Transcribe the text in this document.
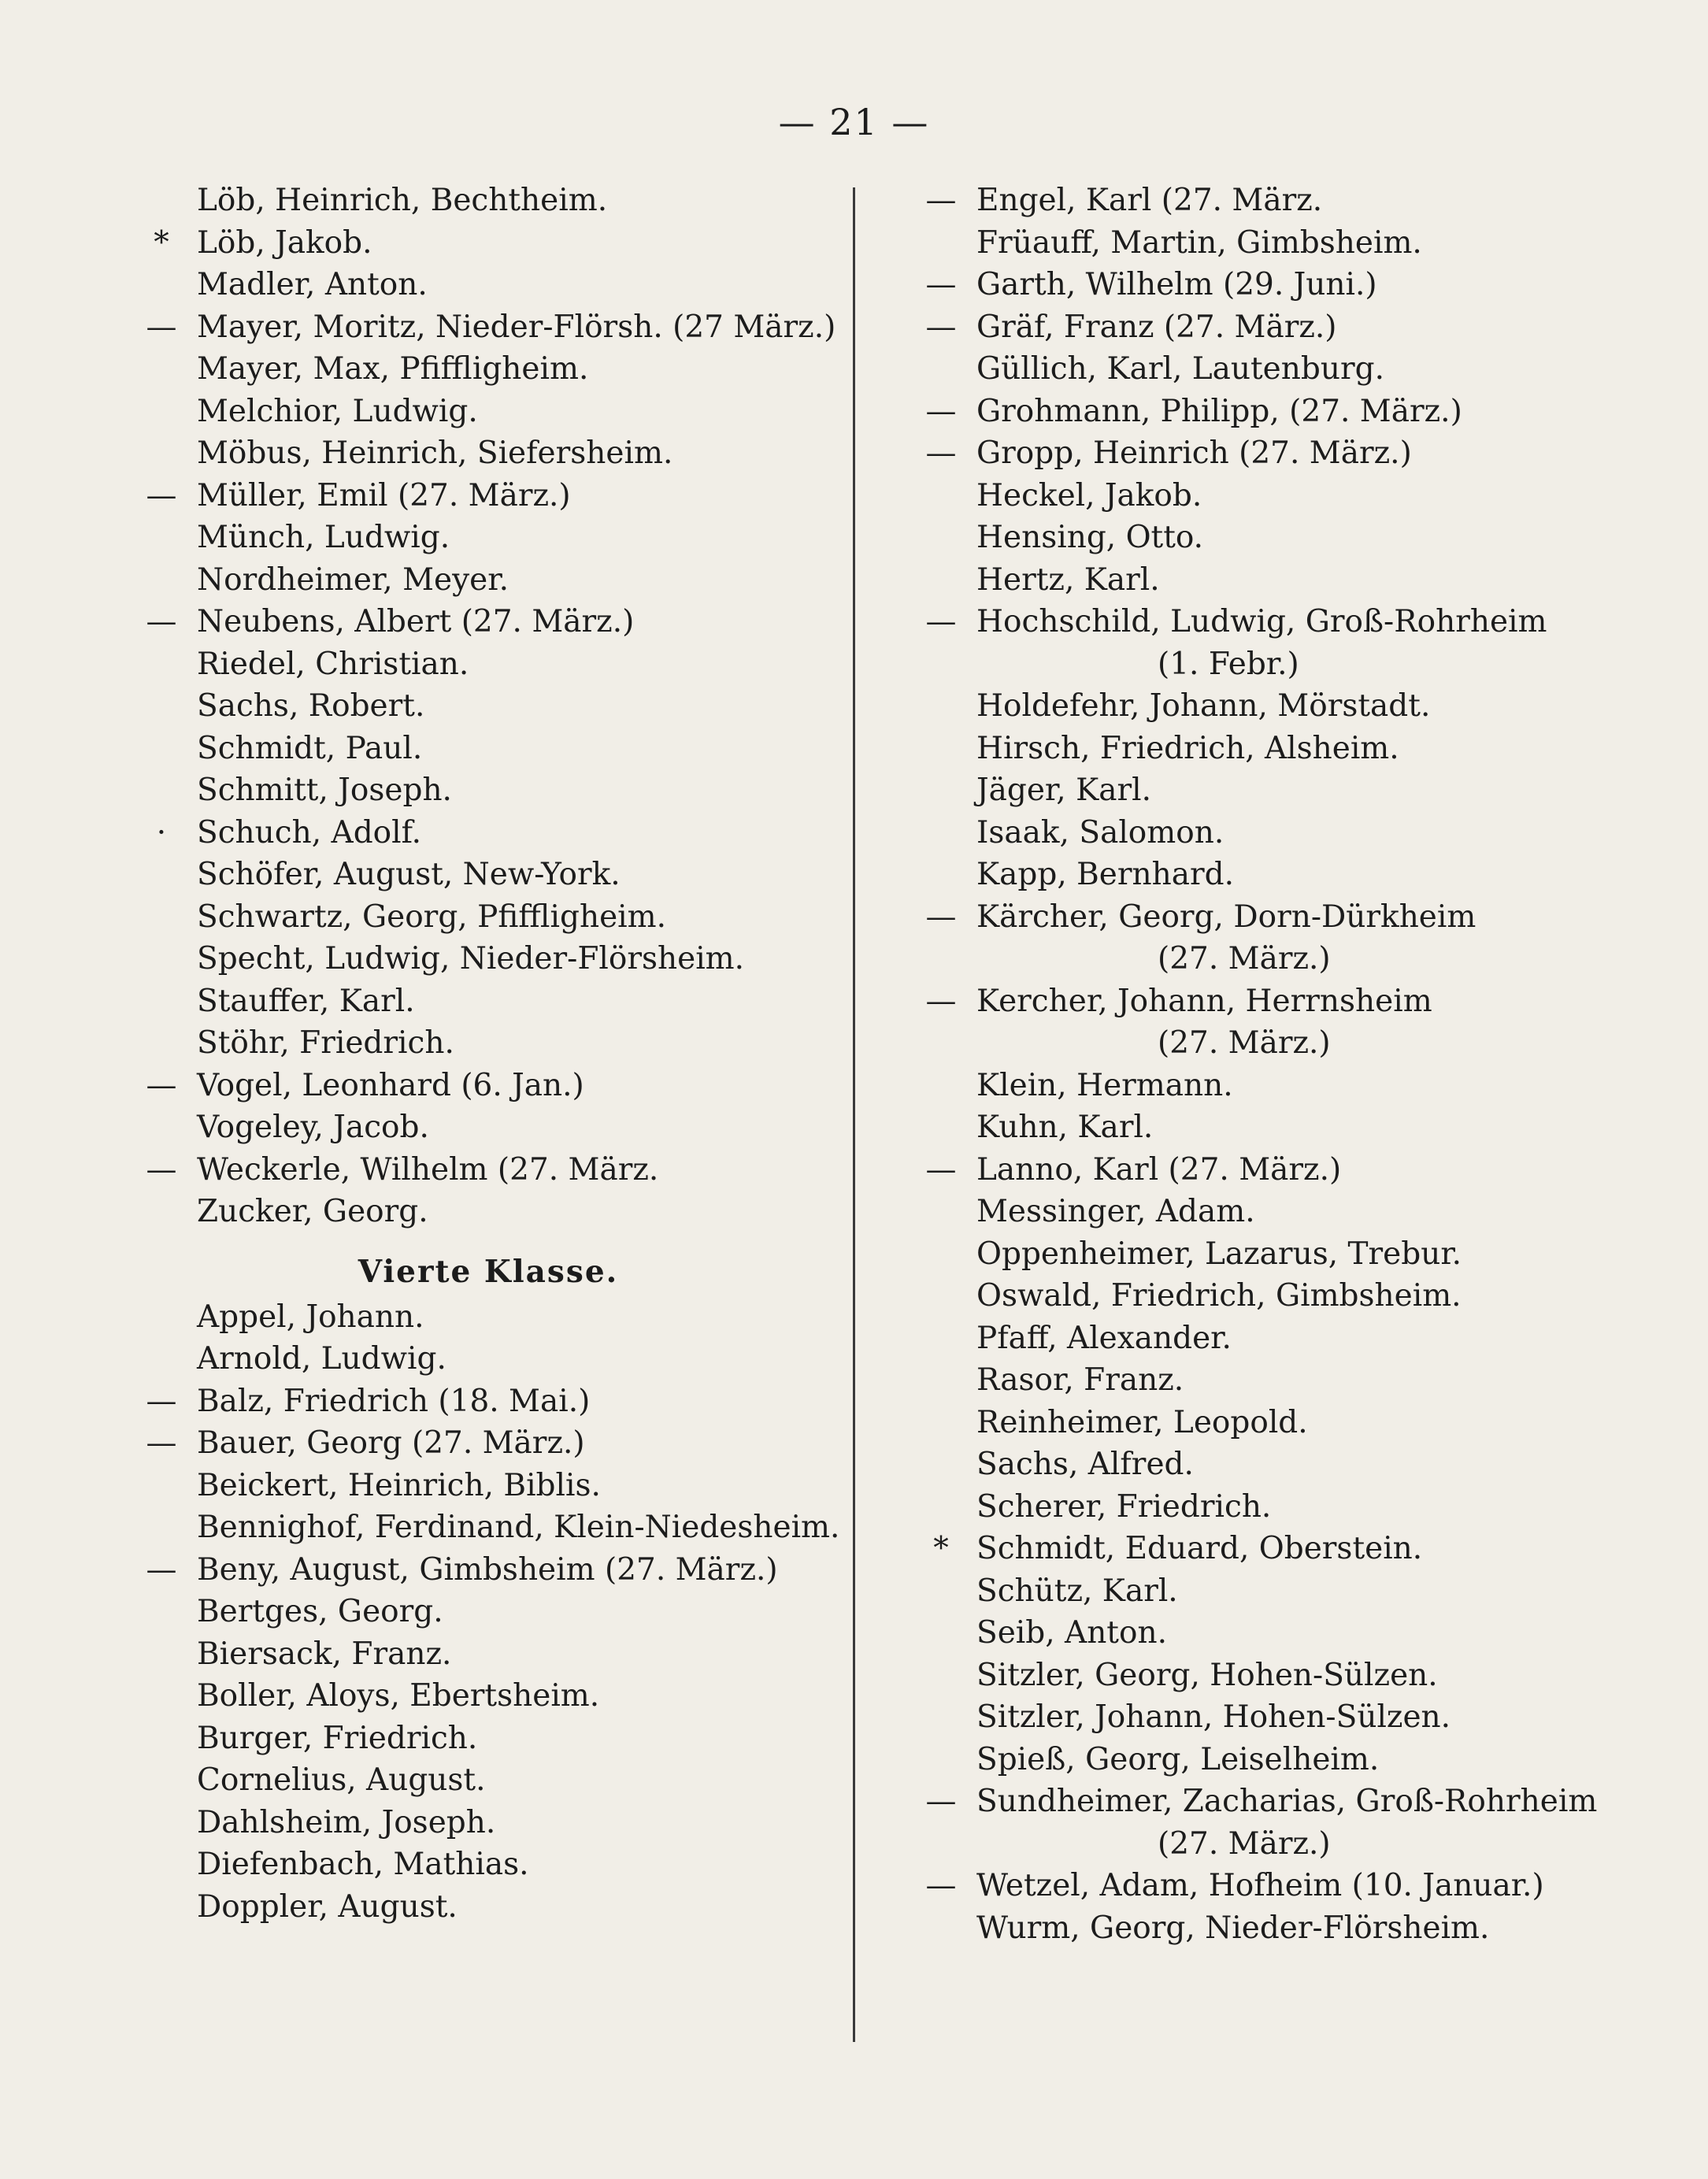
— 21 —
Löb, Heinrich, Bechtheim.
* Löb, Jakob.
Madler, Anton.
— Mayer, Moritz, Nieder-Flörsh. (27 März.)
Mayer, Max, Pfiffligheim.
Melchior, Ludwig.
Möbus, Heinrich, Siefersheim.
— Müller, Emil (27. März.)
Münch, Ludwig.
Nordheimer, Meyer.
— Neubens, Albert (27. März.)
Riedel, Christian.
Sachs, Robert.
Schmidt, Paul.
Schmitt, Joseph.
· Schuch, Adolf.
Schöfer, August, New-York.
Schwartz, Georg, Pfiffligheim.
Specht, Ludwig, Nieder-Flörsheim.
Stauffer, Karl.
Stöhr, Friedrich.
— Vogel, Leonhard (6. Jan.)
Vogeley, Jacob.
— Weckerle, Wilhelm (27. März.
Zucker, Georg.
Vierte Klasse.
Appel, Johann.
Arnold, Ludwig.
— Balz, Friedrich (18. Mai.)
— Bauer, Georg (27. März.)
Beickert, Heinrich, Biblis.
Bennighof, Ferdinand, Klein-Niedesheim.
— Beny, August, Gimbsheim (27. März.)
Bertges, Georg.
Biersack, Franz.
Boller, Aloys, Ebertsheim.
Burger, Friedrich.
Cornelius, August.
Dahlsheim, Joseph.
Diefenbach, Mathias.
Doppler, August.
— Engel, Karl (27. März.
Früauff, Martin, Gimbsheim.
— Garth, Wilhelm (29. Juni.)
— Gräf, Franz (27. März.)
Güllich, Karl, Lautenburg.
— Grohmann, Philipp, (27. März.)
— Gropp, Heinrich (27. März.)
Heckel, Jakob.
Hensing, Otto.
Hertz, Karl.
— Hochschild, Ludwig, Groß-Rohrheim
(1. Febr.)
Holdefehr, Johann, Mörstadt.
Hirsch, Friedrich, Alsheim.
Jäger, Karl.
Isaak, Salomon.
Kapp, Bernhard.
— Kärcher, Georg, Dorn-Dürkheim
(27. März.)
— Kercher, Johann, Herrnsheim
(27. März.)
Klein, Hermann.
Kuhn, Karl.
— Lanno, Karl (27. März.)
Messinger, Adam.
Oppenheimer, Lazarus, Trebur.
Oswald, Friedrich, Gimbsheim.
Pfaff, Alexander.
Rasor, Franz.
Reinheimer, Leopold.
Sachs, Alfred.
Scherer, Friedrich.
* Schmidt, Eduard, Oberstein.
Schütz, Karl.
Seib, Anton.
Sitzler, Georg, Hohen-Sülzen.
Sitzler, Johann, Hohen-Sülzen.
Spieß, Georg, Leiselheim.
— Sundheimer, Zacharias, Groß-Rohrheim
(27. März.)
— Wetzel, Adam, Hofheim (10. Januar.)
Wurm, Georg, Nieder-Flörsheim.
